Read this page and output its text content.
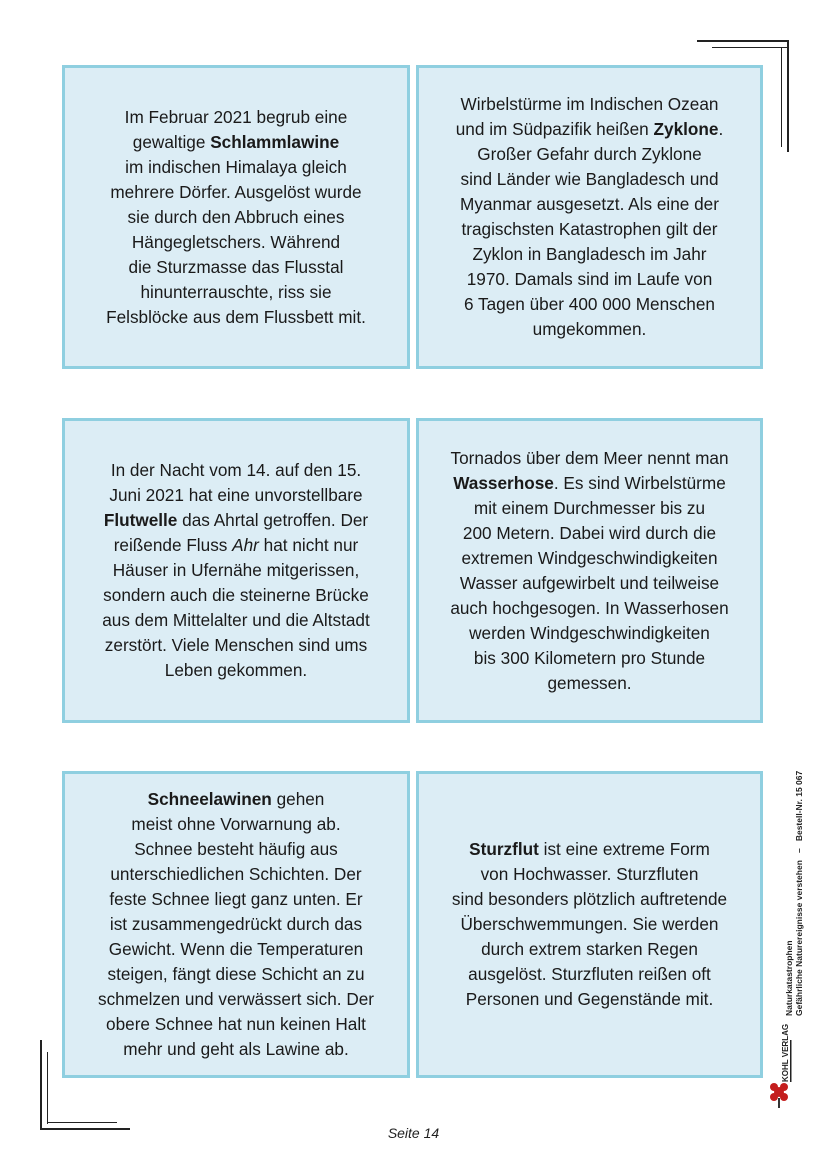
Im Februar 2021 begrub eine
gewaltige Schlammlawine
im indischen Himalaya gleich
mehrere Dörfer. Ausgelöst wurde
sie durch den Abbruch eines
Hängegletschers. Während
die Sturzmasse das Flusstal
hinunterrauschte, riss sie
Felsblöcke aus dem Flussbett mit.

Wirbelstürme im Indischen Ozean
und im Südpazifik heißen Zyklone.
Großer Gefahr durch Zyklone
sind Länder wie Bangladesch und
Myanmar ausgesetzt. Als eine der
tragischsten Katastrophen gilt der
Zyklon in Bangladesch im Jahr
1970. Damals sind im Laufe von
6 Tagen über 400 000 Menschen
umgekommen.

In der Nacht vom 14. auf den 15.
Juni 2021 hat eine unvorstellbare
Flutwelle das Ahrtal getroffen. Der
reißende Fluss Ahr hat nicht nur
Häuser in Ufernähe mitgerissen,
sondern auch die steinerne Brücke
aus dem Mittelalter und die Altstadt
zerstört. Viele Menschen sind ums
Leben gekommen.

Tornados über dem Meer nennt man
Wasserhose. Es sind Wirbelstürme
mit einem Durchmesser bis zu
200 Metern. Dabei wird durch die
extremen Windgeschwindigkeiten
Wasser aufgewirbelt und teilweise
auch hochgesogen. In Wasserhosen
werden Windgeschwindigkeiten
bis 300 Kilometern pro Stunde
gemessen.

Schneelawinen gehen
meist ohne Vorwarnung ab.
Schnee besteht häufig aus
unterschiedlichen Schichten. Der
feste Schnee liegt ganz unten. Er
ist zusammengedrückt durch das
Gewicht. Wenn die Temperaturen
steigen, fängt diese Schicht an zu
schmelzen und verwässert sich. Der
obere Schnee hat nun keinen Halt
mehr und geht als Lawine ab.

Sturzflut ist eine extreme Form
von Hochwasser. Sturzfluten
sind besonders plötzlich auftretende
Überschwemmungen. Sie werden
durch extrem starken Regen
ausgelöst. Sturzfluten reißen oft
Personen und Gegenstände mit.	Naturkatastrophen Gefährliche Naturereignisse verstehen   –   Bestell-Nr. 15 067
KOHL VERLAG
Seite 14
